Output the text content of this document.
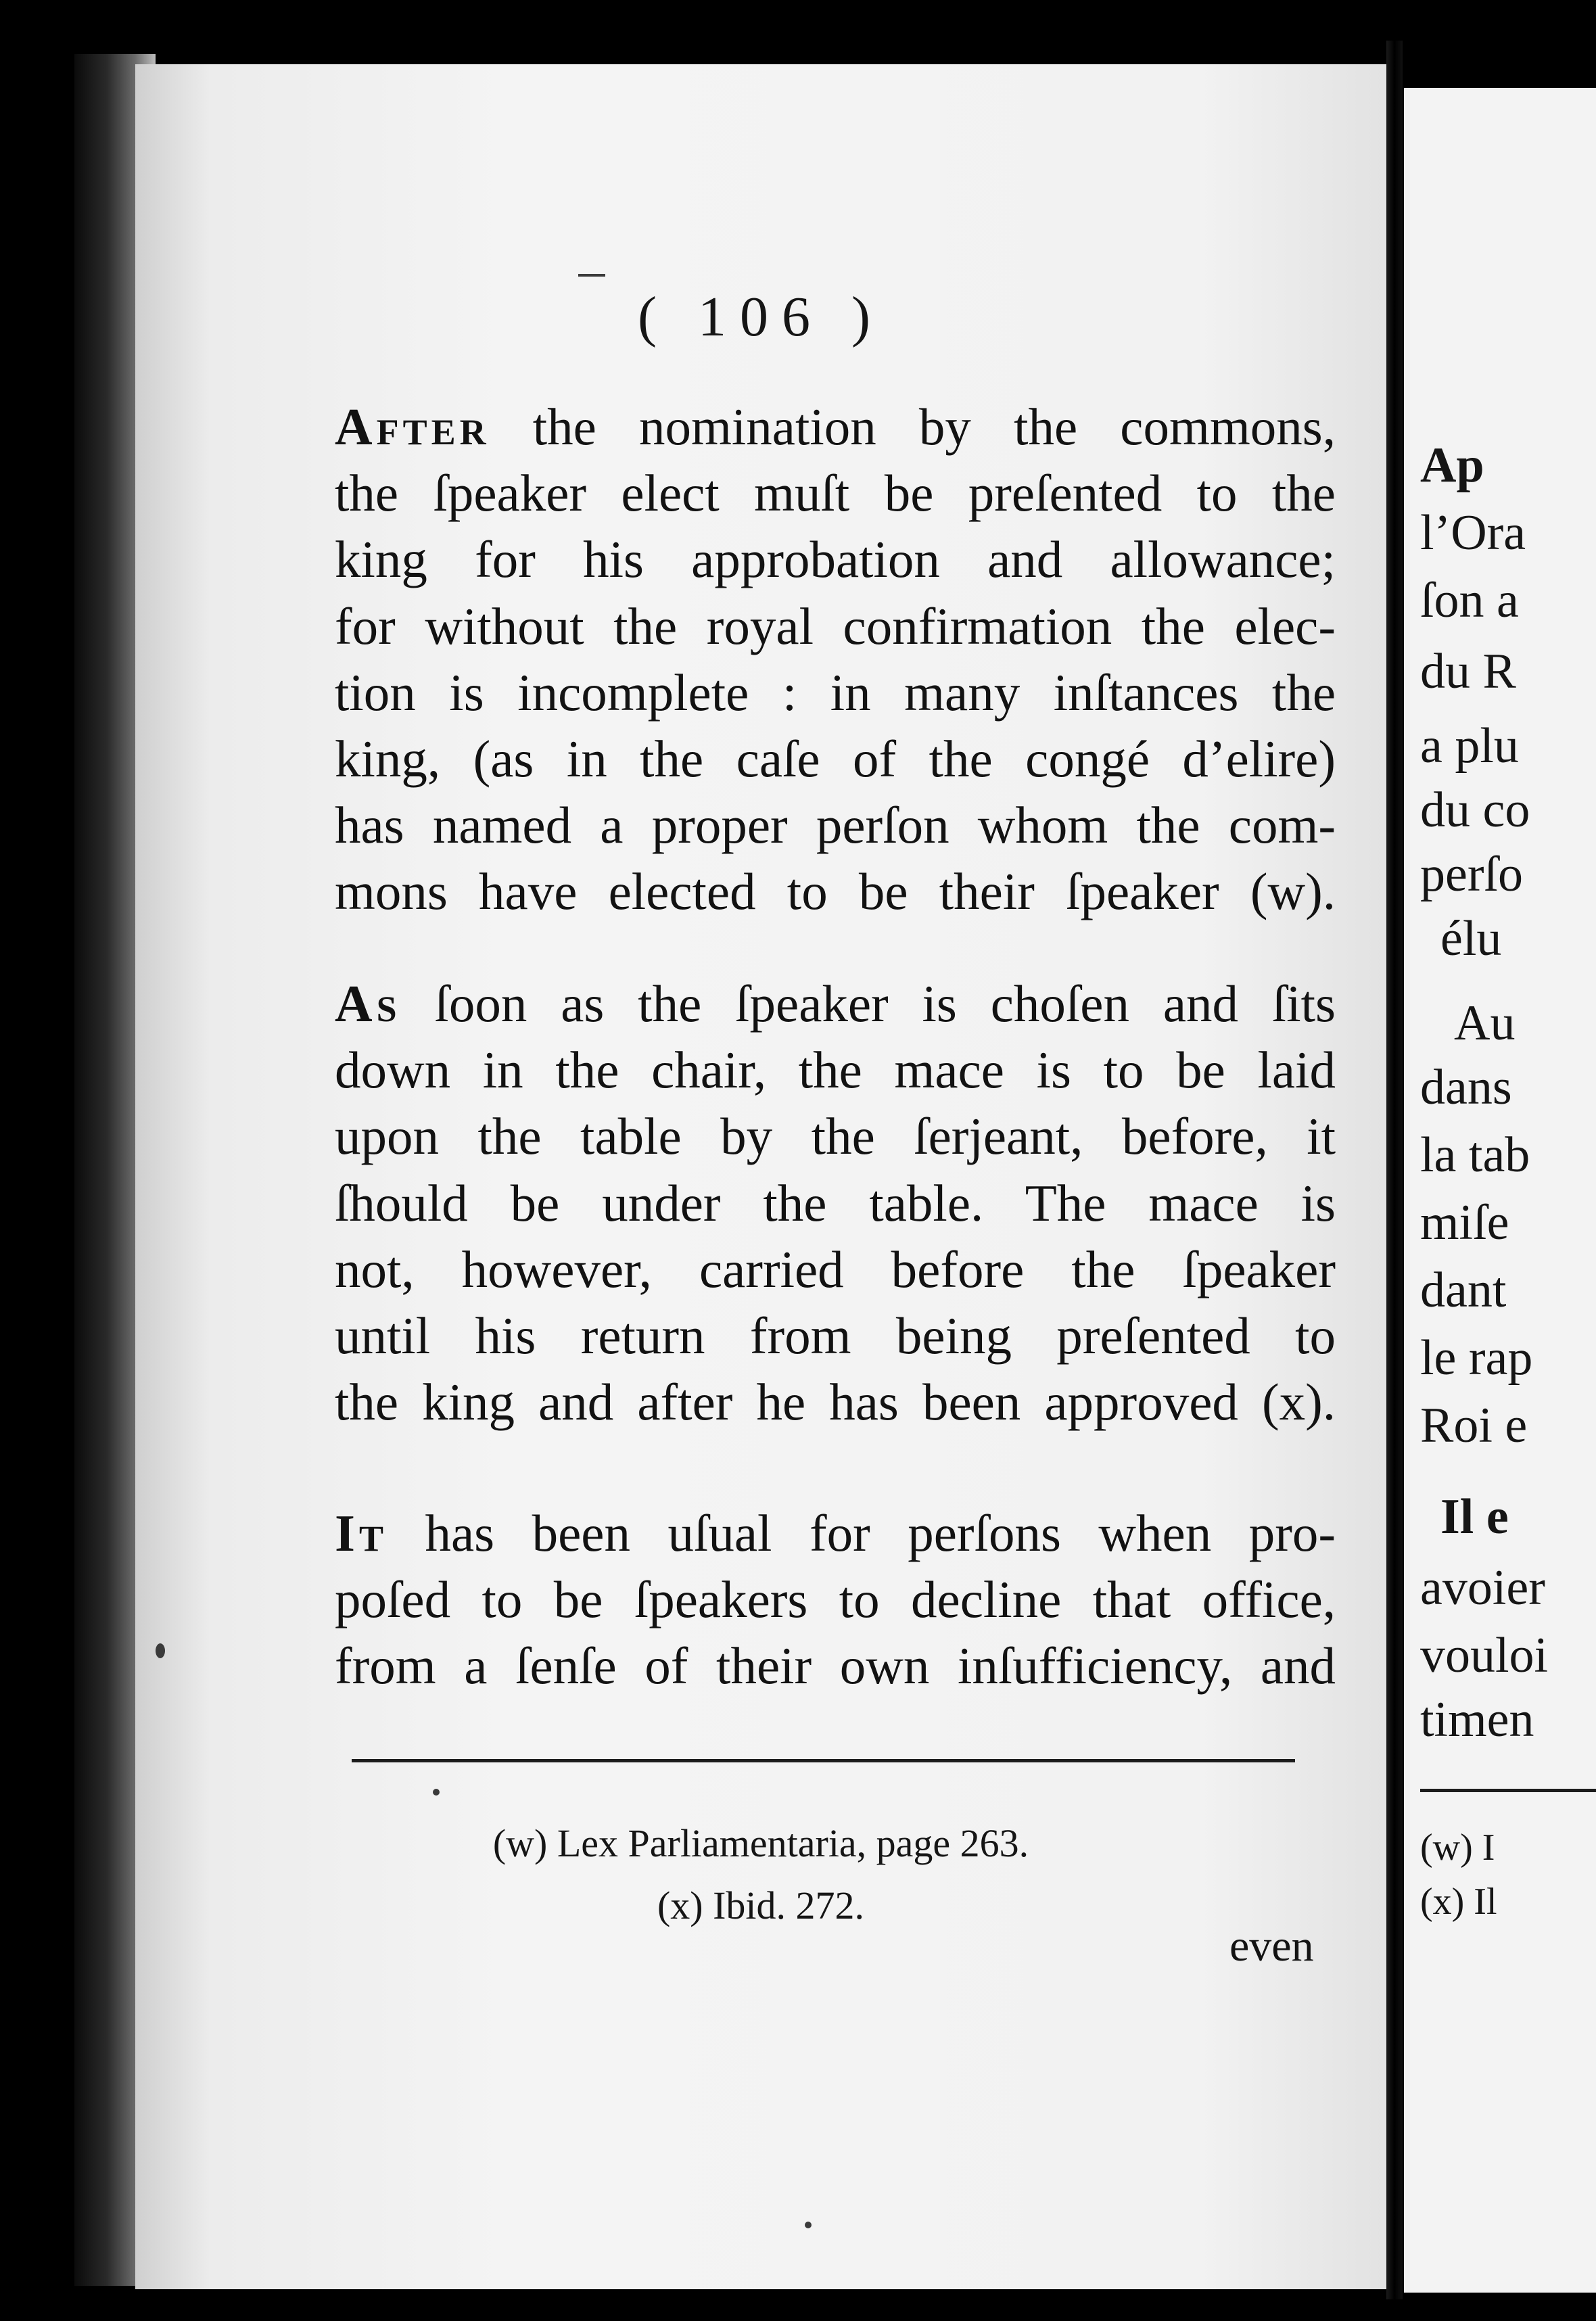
( 106 )

After the nomination by the commons,
the ſpeaker elect muſt be preſented to the
king for his approbation and allowance;
for without the royal confirmation the elec-
tion is incomplete : in many inſtances the
king, (as in the caſe of the congé d’elire)
has named a proper perſon whom the com-
mons have elected to be their ſpeaker (w).

As ſoon as the ſpeaker is choſen and ſits
down in the chair, the mace is to be laid
upon the table by the ſerjeant, before, it
ſhould be under the table. The mace is
not, however, carried before the ſpeaker
until his return from being preſented to
the king and after he has been approved (x).

It has been uſual for perſons when pro-
poſed to be ſpeakers to decline that office,
from a ſenſe of their own inſufficiency, and

(w) Lex Parliamentaria, page 263.
(x) Ibid. 272.
even
Ap
l’Ora
ſon a
du R
a plu
du co
perſo
élu
Au
dans
la tab
miſe
dant
le rap
Roi e
Il e
avoier
vouloi
timen
(w) I
(x) Il
